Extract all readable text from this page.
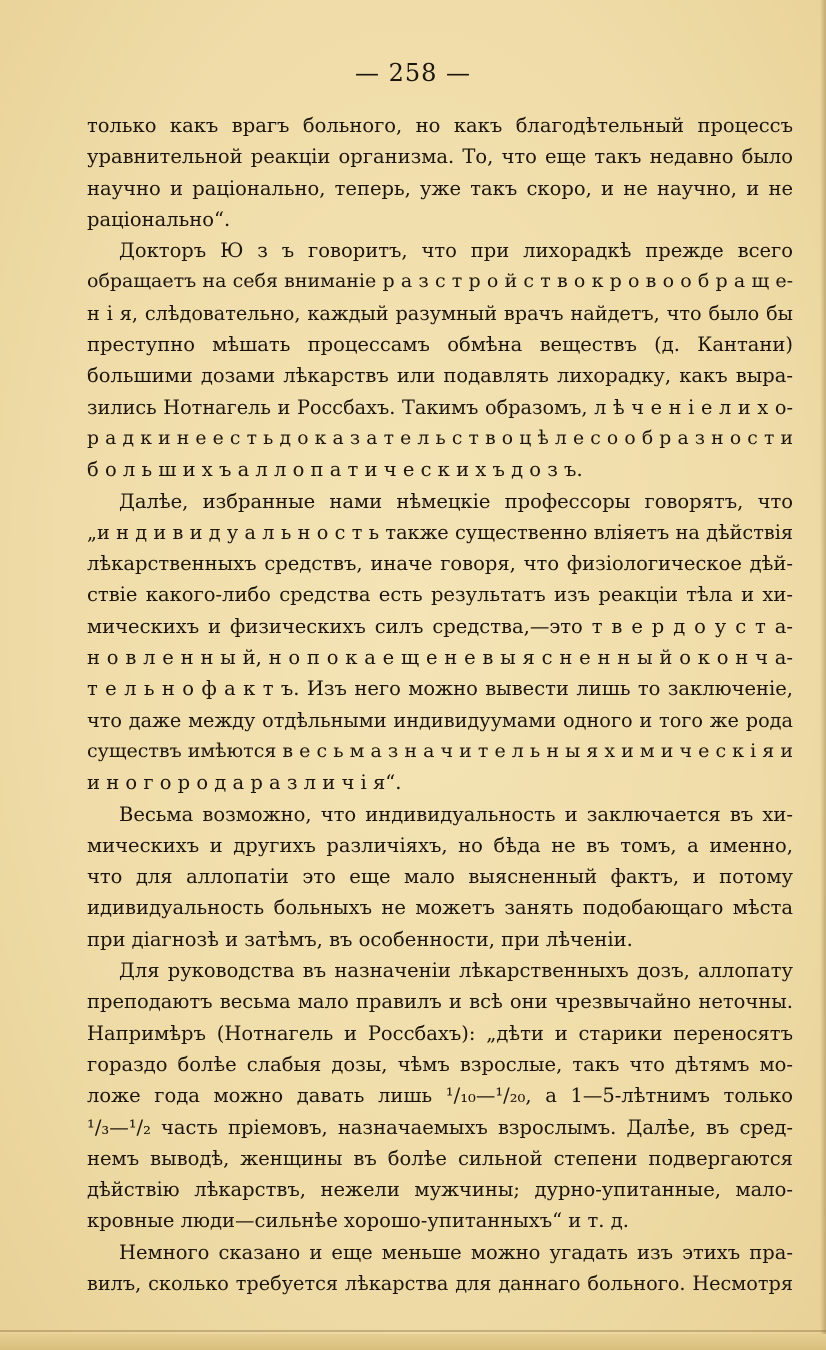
— 258 —
только какъ врагъ больного, но какъ благодѣтельный процессъ
уравнительной реакціи организма. То, что еще такъ недавно было
научно и раціонально, теперь, уже такъ скоро, и не научно, и не
раціонально“.
Докторъ Ю з ъ говоритъ, что при лихорадкѣ прежде всего
обращаетъ на себя вниманіе р а з с т р о й с т в о к р о в о о б р а щ е-
н і я, слѣдовательно, каждый разумный врачъ найдетъ, что было бы
преступно мѣшать процессамъ обмѣна веществъ (д. Кантани)
большими дозами лѣкарствъ или подавлять лихорадку, какъ выра-
зились Нотнагель и Россбахъ. Такимъ образомъ, л ѣ ч е н і е л и х о-
р а д к и н е е с т ь д о к а з а т е л ь с т в о ц ѣ л е с о о б р а з н о с т и
б о л ь ш и х ъ а л л о п а т и ч е с к и х ъ д о з ъ.
Далѣе, избранные нами нѣмецкіе профессоры говорятъ, что
„и н д и в и д у а л ь н о с т ь также существенно вліяетъ на дѣйствія
лѣкарственныхъ средствъ, иначе говоря, что физіологическое дѣй-
ствіе какого-либо средства есть результатъ изъ реакціи тѣла и хи-
мическихъ и физическихъ силъ средства,—это т в е р д о у с т а-
н о в л е н н ы й, н о п о к а е щ е н е в ы я с н е н н ы й о к о н ч а-
т е л ь н о ф а к т ъ. Изъ него можно вывести лишь то заключеніе,
что даже между отдѣльными индивидуумами одного и того же рода
существъ имѣются в е с ь м а з н а ч и т е л ь н ы я х и м и ч е с к і я и
и н о г о р о д а р а з л и ч і я“.
Весьма возможно, что индивидуальность и заключается въ хи-
мическихъ и другихъ различіяхъ, но бѣда не въ томъ, а именно,
что для аллопатіи это еще мало выясненный фактъ, и потому
идивидуальность больныхъ не можетъ занять подобающаго мѣста
при діагнозѣ и затѣмъ, въ особенности, при лѣченіи.
Для руководства въ назначеніи лѣкарственныхъ дозъ, аллопату
преподаютъ весьма мало правилъ и всѣ они чрезвычайно неточны.
Напримѣръ (Нотнагель и Россбахъ): „дѣти и старики переносятъ
гораздо болѣе слабыя дозы, чѣмъ взрослые, такъ что дѣтямъ мо-
ложе года можно давать лишь ¹/₁₀—¹/₂₀, а 1—5-лѣтнимъ только
¹/₃—¹/₂ часть пріемовъ, назначаемыхъ взрослымъ. Далѣе, въ сред-
немъ выводѣ, женщины въ болѣе сильной степени подвергаются
дѣйствію лѣкарствъ, нежели мужчины; дурно-упитанные, мало-
кровные люди—сильнѣе хорошо-упитанныхъ“ и т. д.
Немного сказано и еще меньше можно угадать изъ этихъ пра-
вилъ, сколько требуется лѣкарства для даннаго больного. Несмотря
